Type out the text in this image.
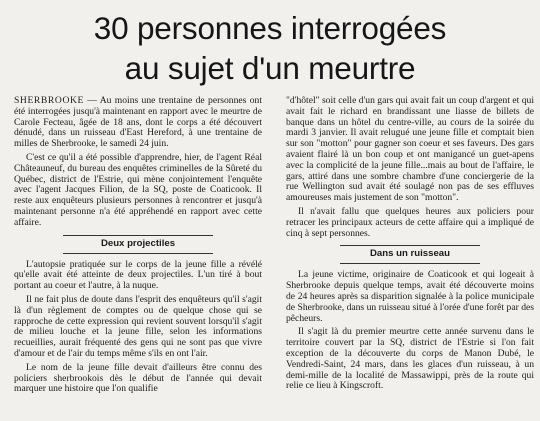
30 personnes interrogées
au sujet d'un meurtre

SHERBROOKE — Au moins une trentaine de personnes ont été interrogées jusqu'à maintenant en rapport avec le meurtre de Carole Fecteau, âgée de 18 ans, dont le corps a été découvert dénudé, dans un ruisseau d'East Hereford, à une trentaine de milles de Sherbrooke, le samedi 24 juin.

C'est ce qu'il a été possible d'apprendre, hier, de l'agent Réal Châteauneuf, du bureau des enquêtes criminelles de la Sûreté du Québec, district de l'Estrie, qui mène conjointement l'enquête avec l'agent Jacques Filion, de la SQ, poste de Coaticook. Il reste aux enquêteurs plusieurs personnes à rencontrer et jusqu'à maintenant personne n'a été appréhendé en rapport avec cette affaire.

Deux projectiles

L'autopsie pratiquée sur le corps de la jeune fille a révélé qu'elle avait été atteinte de deux projectiles. L'un tiré à bout portant au coeur et l'autre, à la nuque.

Il ne fait plus de doute dans l'esprit des enquêteurs qu'il s'agit là d'un règlement de comptes ou de quelque chose qui se rapproche de cette expression qui revient souvent lorsqu'il s'agit de milieu louche et la jeune fille, selon les informations recueillies, aurait fréquenté des gens qui ne sont pas que vivre d'amour et de l'air du temps même s'ils en ont l'air.

Le nom de la jeune fille devait d'ailleurs être connu des policiers sherbrookois dès le début de l'année qui devait marquer une histoire que l'on qualifie

"d'hôtel" soit celle d'un gars qui avait fait un coup d'argent et qui avait fait le richard en brandissant une liasse de billets de banque dans un hôtel du centre-ville, au cours de la soirée du mardi 3 janvier. Il avait relugué une jeune fille et comptait bien sur son "motton" pour gagner son coeur et ses faveurs. Des gars avaient flairé là un bon coup et ont manigancé un guet-apens avec la complicité de la jeune fille...mais au bout de l'affaire, le gars, attiré dans une sombre chambre d'une conciergerie de la rue Wellington sud avait été soulagé non pas de ses effluves amoureuses mais justement de son "motton".

Il n'avait fallu que quelques heures aux policiers pour retracer les principaux acteurs de cette affaire qui a impliqué de cinq à sept personnes.

Dans un ruisseau

La jeune victime, originaire de Coaticook et qui logeait à Sherbrooke depuis quelque temps, avait été découverte moins de 24 heures après sa disparition signalée à la police municipale de Sherbrooke, dans un ruisseau situé à l'orée d'une forêt par des pêcheurs.

Il s'agit là du premier meurtre cette année survenu dans le territoire couvert par la SQ, district de l'Estrie si l'on fait exception de la découverte du corps de Manon Dubé, le Vendredi-Saint, 24 mars, dans les glaces d'un ruisseau, à un demi-mille de la localité de Massawippi, près de la route qui relie ce lieu à Kingscroft.
